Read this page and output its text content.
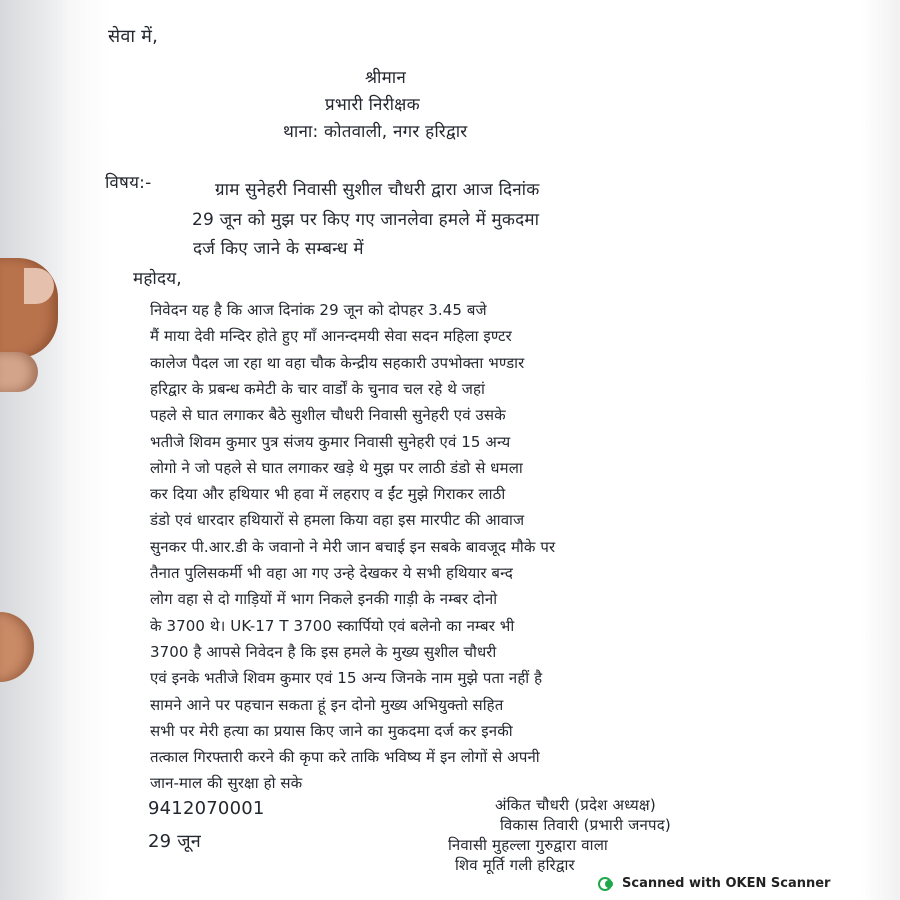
सेवा में,
श्रीमान
प्रभारी निरीक्षक
थाना: कोतवाली, नगर हरिद्वार
विषय:-	ग्राम सुनेहरी निवासी सुशील चौधरी द्वारा आज दिनांक
29 जून को मुझ पर किए गए जानलेवा हमले में मुकदमा
दर्ज किए जाने के सम्बन्ध में
महोदय,
निवेदन यह है कि आज दिनांक 29 जून को दोपहर 3.45 बजे
मैं माया देवी मन्दिर होते हुए माँ आनन्दमयी सेवा सदन महिला इण्टर
कालेज पैदल जा रहा था वहा चौक केन्द्रीय सहकारी उपभोक्ता भण्डार
हरिद्वार के प्रबन्ध कमेटी के चार वार्डों के चुनाव चल रहे थे जहां
पहले से घात लगाकर बैठे सुशील चौधरी निवासी सुनेहरी एवं उसके
भतीजे शिवम कुमार पुत्र संजय कुमार निवासी सुनेहरी एवं 15 अन्य
लोगो ने जो पहले से घात लगाकर खड़े थे मुझ पर लाठी डंडो से धमला
कर दिया और हथियार भी हवा में लहराए व ईंट मुझे गिराकर लाठी
डंडो एवं धारदार हथियारों से हमला किया वहा इस मारपीट की आवाज
सुनकर पी.आर.डी के जवानो ने मेरी जान बचाई इन सबके बावजूद मौके पर
तैनात पुलिसकर्मी भी वहा आ गए उन्हे देखकर ये सभी हथियार बन्द
लोग वहा से दो गाड़ियों में भाग निकले इनकी गाड़ी के नम्बर दोनो
के 3700 थे। UK-17 T 3700 स्कार्पियो एवं बलेनो का नम्बर भी
3700 है आपसे निवेदन है कि इस हमले के मुख्य सुशील चौधरी
एवं इनके भतीजे शिवम कुमार एवं 15 अन्य जिनके नाम मुझे पता नहीं है
सामने आने पर पहचान सकता हूं इन दोनो मुख्य अभियुक्तो सहित
सभी पर मेरी हत्या का प्रयास किए जाने का मुकदमा दर्ज कर इनकी
तत्काल गिरफ्तारी करने की कृपा करे ताकि भविष्य में इन लोगों से अपनी
जान-माल की सुरक्षा हो सके
9412070001
29 जून
अंकित चौधरी (प्रदेश अध्यक्ष)
विकास तिवारी (प्रभारी जनपद)
निवासी मुहल्ला गुरुद्वारा वाला
शिव मूर्ति गली हरिद्वार
Scanned with OKEN Scanner
